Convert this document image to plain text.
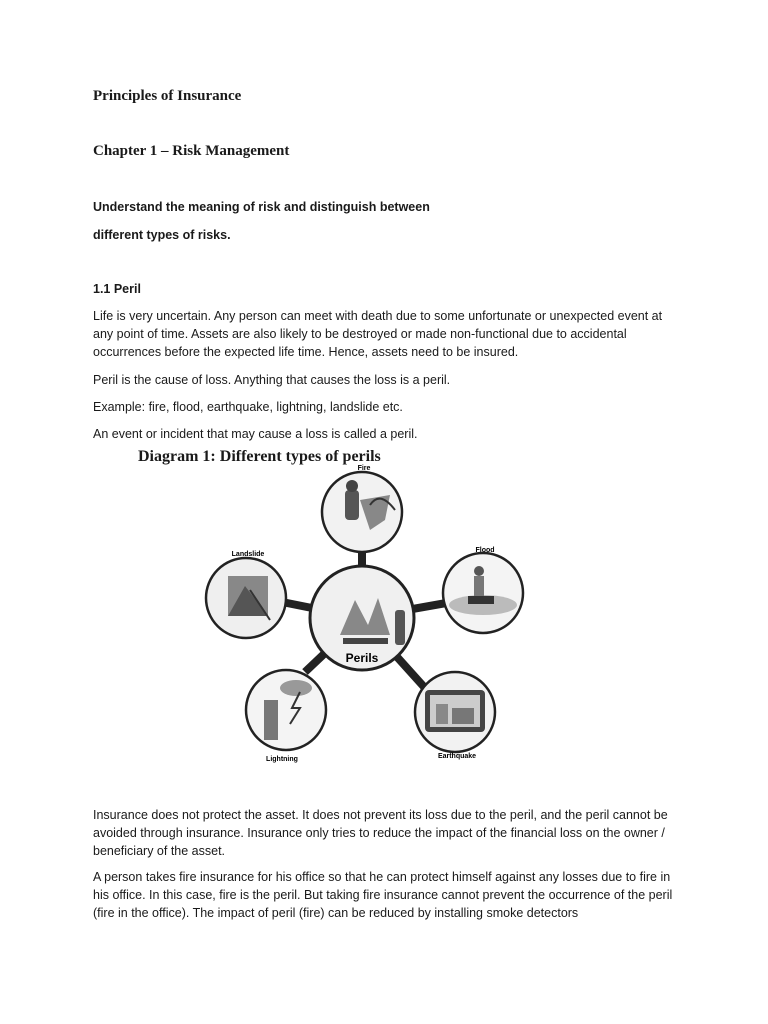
Principles of Insurance
Chapter 1 – Risk Management
Understand the meaning of risk and distinguish between
different types of risks.
1.1 Peril

Life is very uncertain. Any person can meet with death due to some unfortunate or unexpected event at any point of time. Assets are also likely to be destroyed or made non-functional due to accidental occurrences before the expected life time. Hence, assets need to be insured.

Peril is the cause of loss. Anything that causes the loss is a peril.

Example: fire, flood, earthquake, lightning, landslide etc.

An event or incident that may cause a loss is called a peril.

Diagram 1: Different types of perils
Perils
Fire
Flood
Landslide
Lightning	Earthquake

Insurance does not protect the asset. It does not prevent its loss due to the peril, and the peril cannot be avoided through insurance. Insurance only tries to reduce the impact of the financial loss on the owner / beneficiary of the asset.

A person takes fire insurance for his office so that he can protect himself against any losses due to fire in his office. In this case, fire is the peril. But taking fire insurance cannot prevent the occurrence of the peril (fire in the office). The impact of peril (fire) can be reduced by installing smoke detectors
